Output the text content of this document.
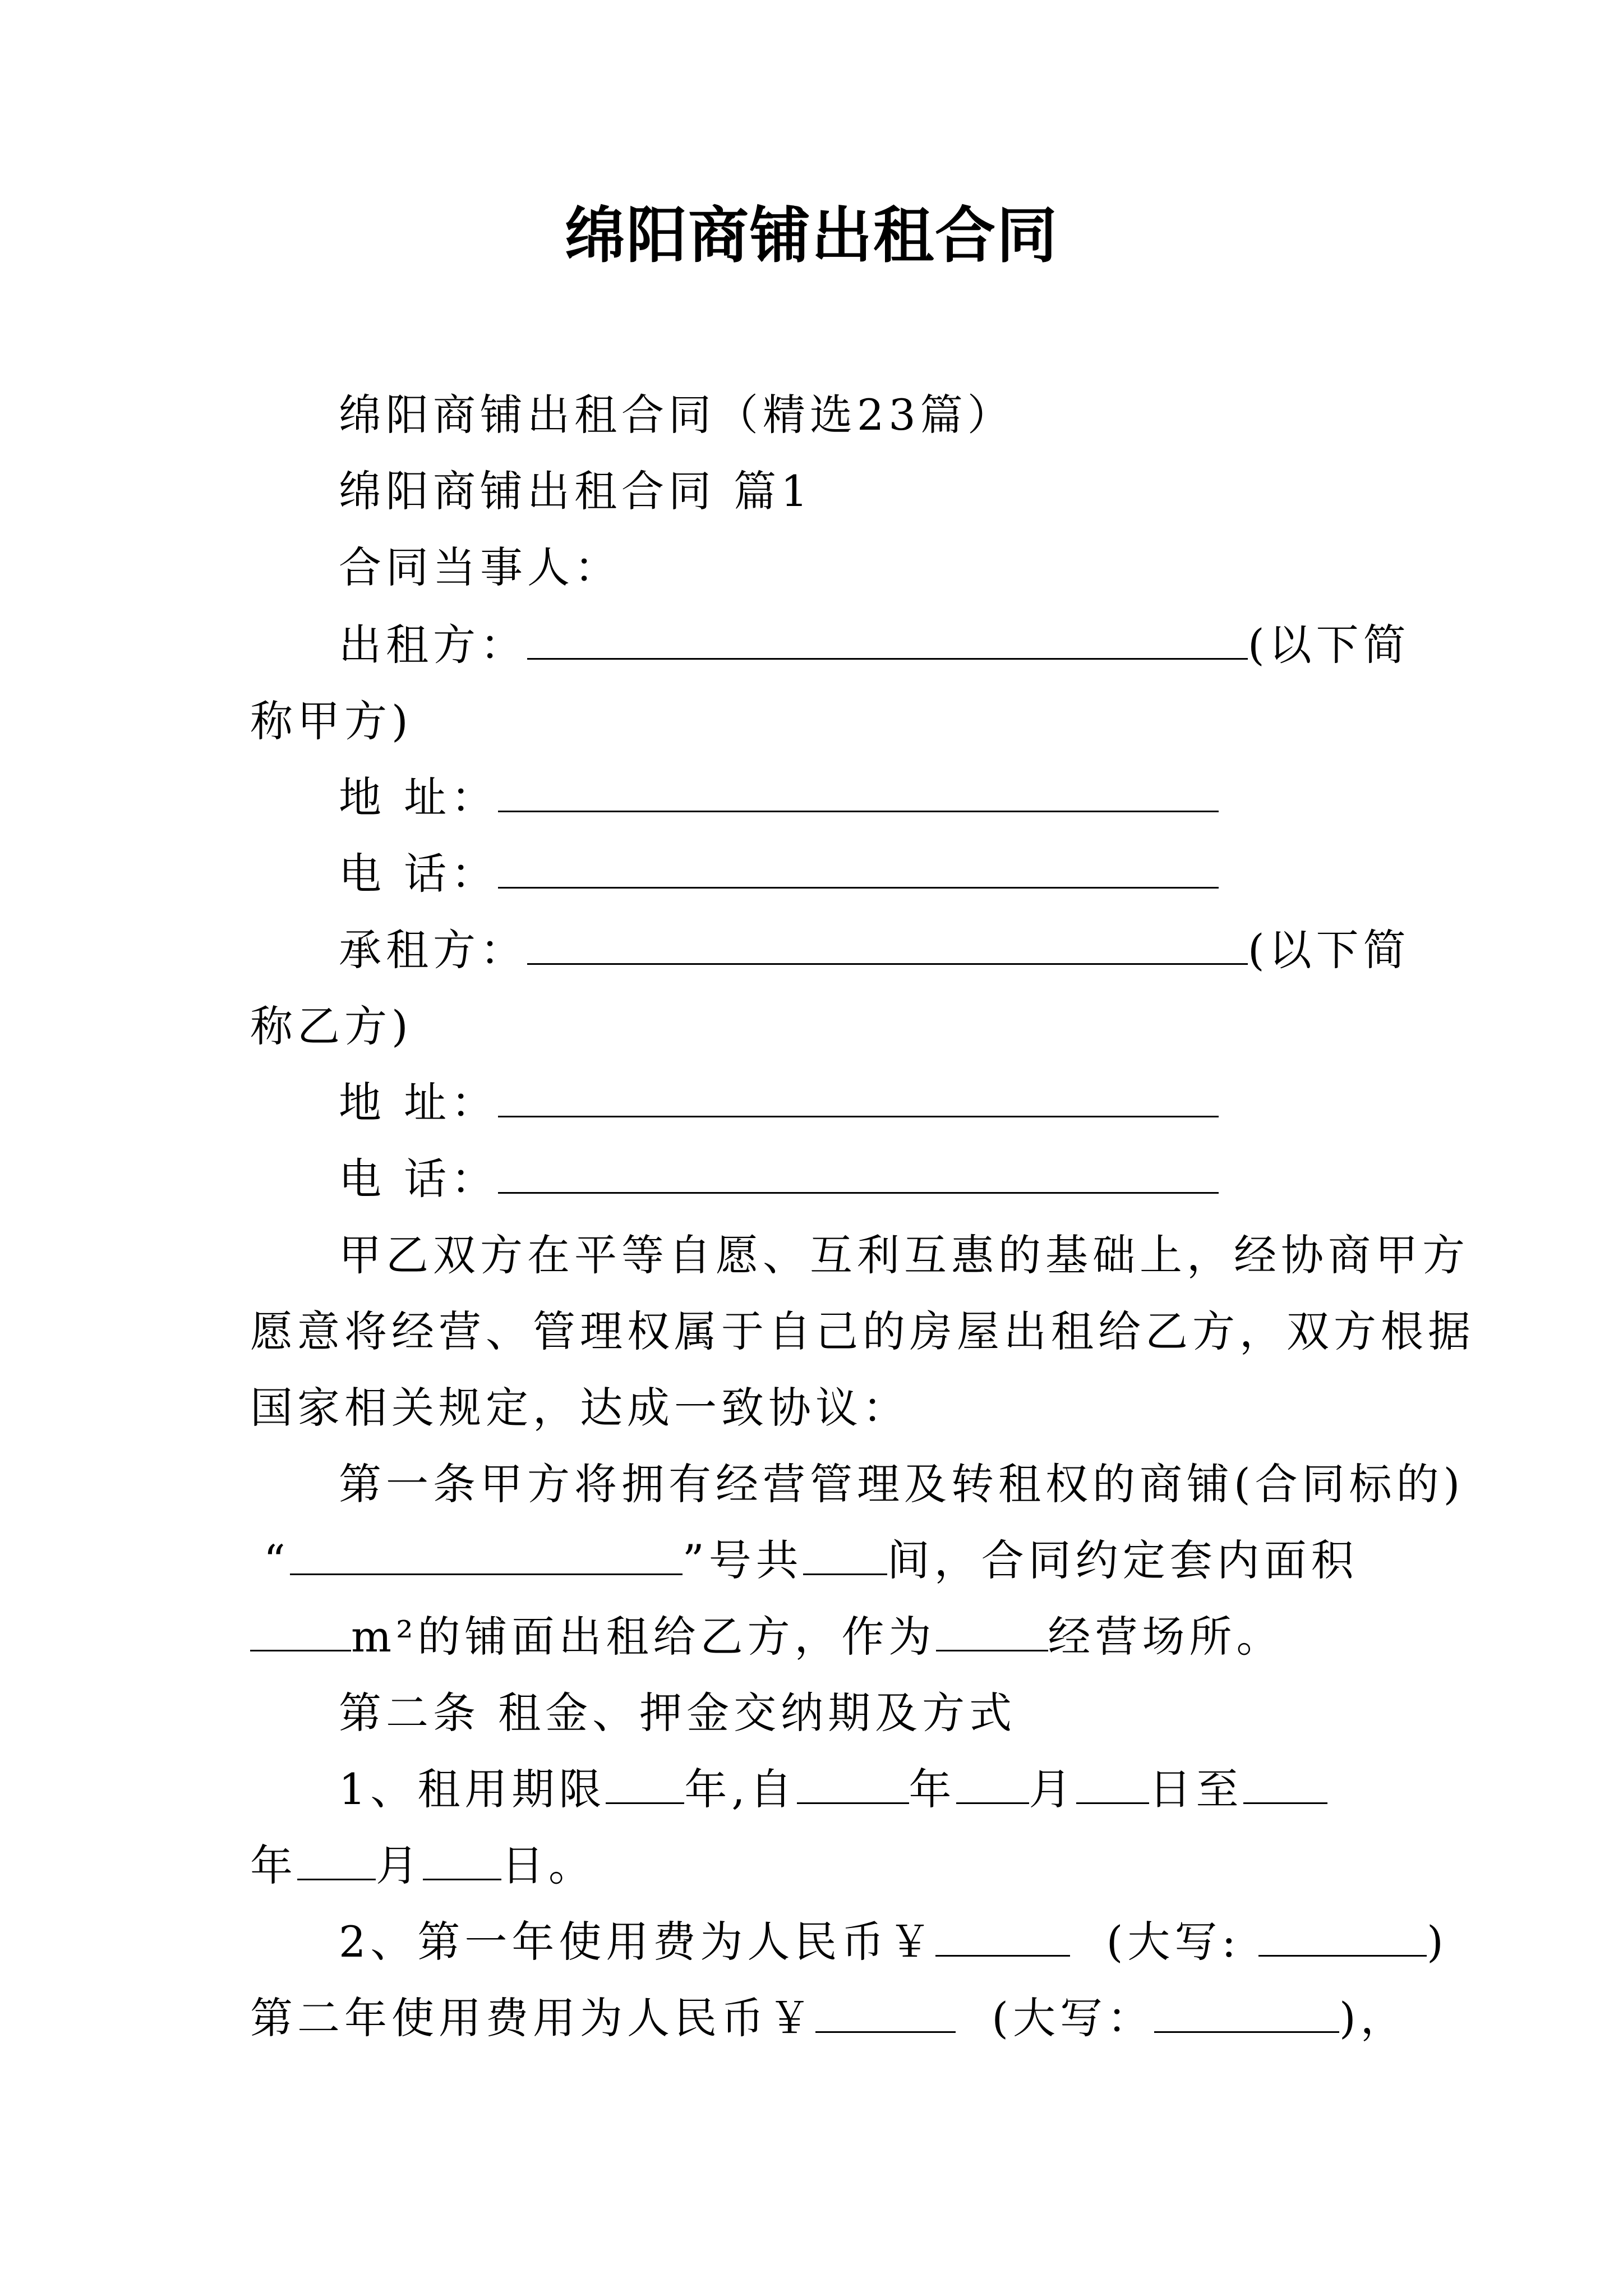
绵阳商铺出租合同
绵阳商铺出租合同（精选23篇）
绵阳商铺出租合同 篇1
合同当事人：
出租方：	(以下简
称甲方)
地 址：
电 话：
承租方：	(以下简
称乙方)
地 址：
电 话：
甲乙双方在平等自愿、互利互惠的基础上，经协商甲方
愿意将经营、管理权属于自己的房屋出租给乙方，双方根据
国家相关规定，达成一致协议：
第一条甲方将拥有经营管理及转租权的商铺(合同标的)
“	”号共 间，合同约定套内面积
m²的铺面出租给乙方，作为	经营场所。
第二条 租金、押金交纳期及方式
1、租用期限 年,自	年 月 日至
年 月 日。
2、第一年使用费为人民币￥	(大写:	)
第二年使用费用为人民币￥	(大写：	)，
